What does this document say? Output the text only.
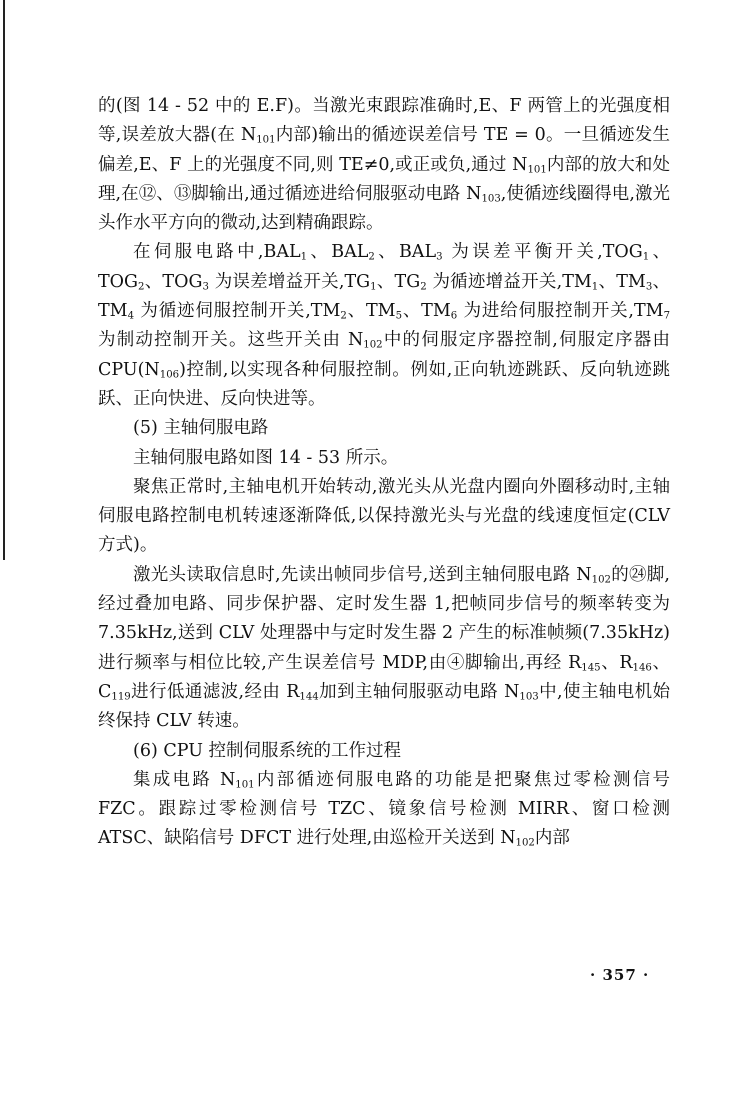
的(图 14 - 52 中的 E.F)。当激光束跟踪准确时,E、F 两管上的光强度相等,误差放大器(在 $N_{101}$内部)输出的循迹误差信号 TE = 0。一旦循迹发生偏差,E、F 上的光强度不同,则 TE≠0,或正或负,通过 $N_{101}$内部的放大和处理,在⑫、⑬脚输出,通过循迹进给伺服驱动电路 $N_{103}$,使循迹线圈得电,激光头作水平方向的微动,达到精确跟踪。

在伺服电路中$,BAL_1$、$BAL_2$、$BAL_3$ 为误差平衡开关$,TOG_1$、$TOG_2$、$TOG_3$ 为误差增益开关$,TG_1$、$TG_2$ 为循迹增益开关$,TM_1$、$TM_3$、$TM_4$ 为循迹伺服控制开关$,TM_2$、$TM_5$、$TM_6$ 为进给伺服控制开关$,TM_7$ 为制动控制开关。这些开关由 $N_{102}$中的伺服定序器控制,伺服定序器由 $CPU(N_{106})$控制,以实现各种伺服控制。例如,正向轨迹跳跃、反向轨迹跳跃、正向快进、反向快进等。

(5) 主轴伺服电路

主轴伺服电路如图 14 - 53 所示。

聚焦正常时,主轴电机开始转动,激光头从光盘内圈向外圈移动时,主轴伺服电路控制电机转速逐渐降低,以保持激光头与光盘的线速度恒定(CLV 方式)。

激光头读取信息时,先读出帧同步信号,送到主轴伺服电路 $N_{102}$的㉔脚,经过叠加电路、同步保护器、定时发生器 1,把帧同步信号的频率转变为 7.35kHz,送到 CLV 处理器中与定时发生器 2 产生的标准帧频(7.35kHz)进行频率与相位比较,产生误差信号 MDP,由④脚输出,再经 $R_{145}$、$R_{146}$、$C_{119}$进行低通滤波,经由 $R_{144}$加到主轴伺服驱动电路 $N_{103}$中,使主轴电机始终保持 CLV 转速。

(6) CPU 控制伺服系统的工作过程

集成电路 $N_{101}$内部循迹伺服电路的功能是把聚焦过零检测信号 FZC。跟踪过零检测信号 TZC、镜象信号检测 MIRR、窗口检测 ATSC、缺陷信号 DFCT 进行处理,由巡检开关送到 $N_{102}$内部

· 357 ·
